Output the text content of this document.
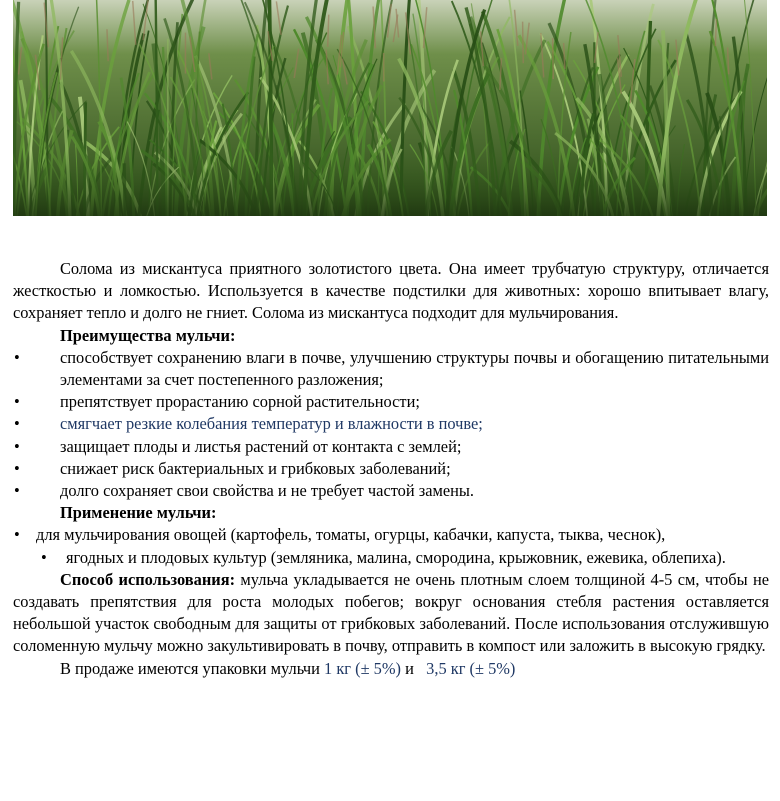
Солома из мискантуса приятного золотистого цвета. Она имеет трубчатую структуру, отличается жесткостью и ломкостью. Используется в качестве подстилки для животных: хорошо впитывает влагу, сохраняет тепло и долго не гниет. Солома из мискантуса подходит для мульчирования.

Преимущества мульчи:

• способствует сохранению влаги в почве, улучшению структуры почвы и обогащению питательными элементами за счет постепенного разложения;
• препятствует прорастанию сорной растительности;
• смягчает резкие колебания температур и влажности в почве;
• защищает плоды и листья растений от контакта с землей;
• снижает риск бактериальных и грибковых заболеваний;
• долго сохраняет свои свойства и не требует частой замены.

Применение мульчи:

• для мульчирования овощей (картофель, томаты, огурцы, кабачки, капуста, тыква, чеснок),

• ягодных и плодовых культур (земляника, малина, смородина, крыжовник, ежевика, облепиха).

Способ использования: мульча укладывается не очень плотным слоем толщиной 4-5 см, чтобы не создавать препятствия для роста молодых побегов; вокруг основания стебля растения оставляется небольшой участок свободным для защиты от грибковых заболеваний. После использования отслужившую соломенную мульчу можно закультивировать в почву, отправить в компост или заложить в высокую грядку.

В продаже имеются упаковки мульчи 1 кг (± 5%) и   3,5 кг (± 5%)
